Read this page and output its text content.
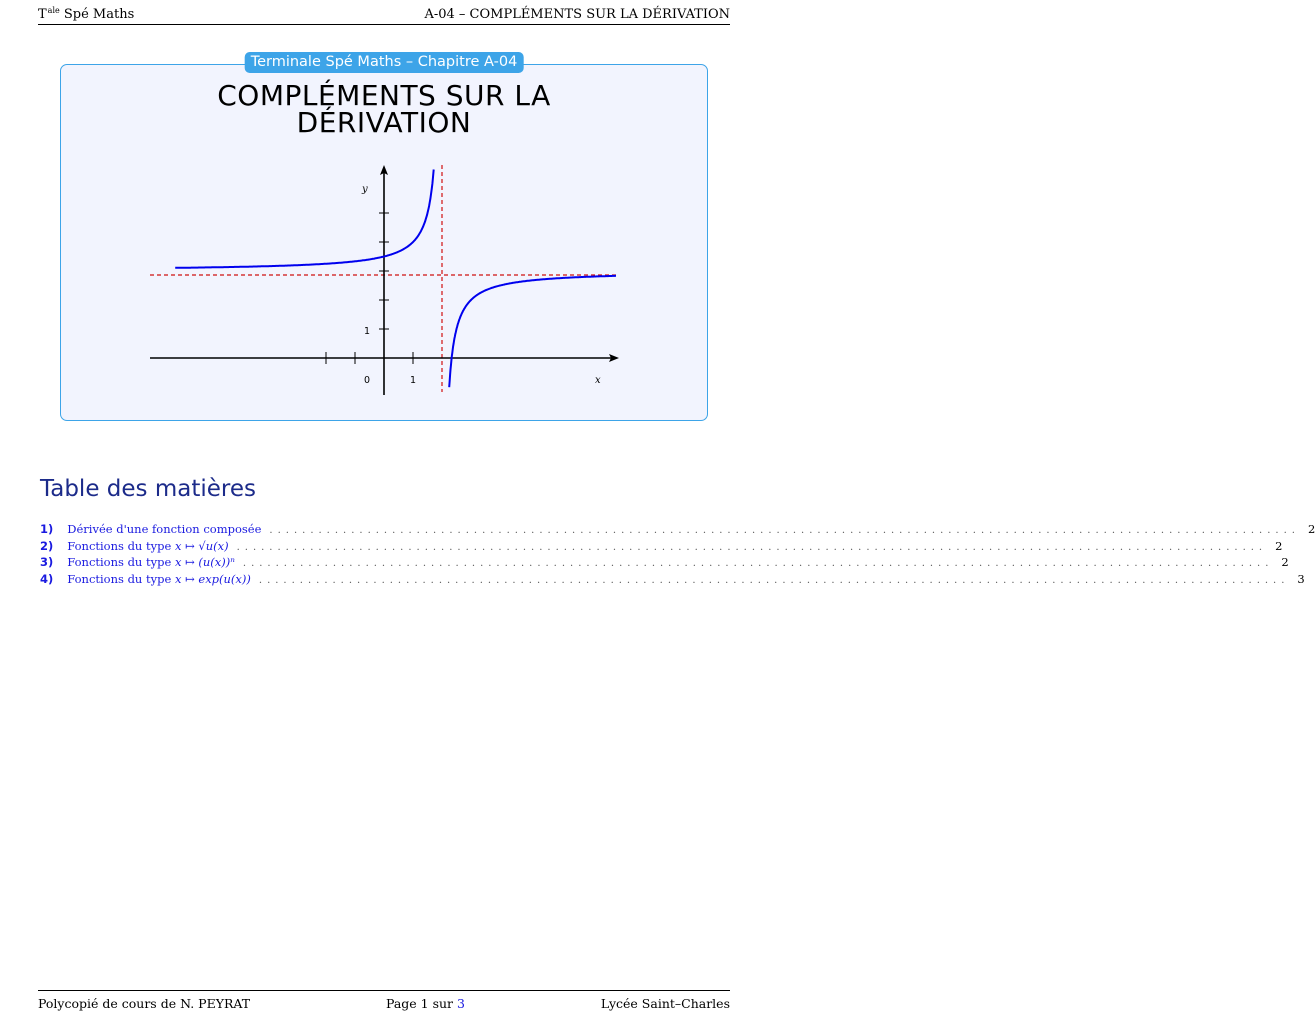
$T^{ale}$ Spé Maths	A-04 – COMPLÉMENTS SUR LA DÉRIVATION
Terminale Spé Maths – Chapitre A-04
COMPLÉMENTS SUR LA
DÉRIVATION
y
x
0	1
1
Table des matières
1)	Dérivée d'une fonction composée .............................................................................................................................. 2
2)	Fonctions du type x ↦ √u(x) .............................................................................................................................. 2
3)	Fonctions du type x ↦ (u(x))ⁿ .............................................................................................................................. 2
4)	Fonctions du type x ↦ exp(u(x)) .............................................................................................................................. 3
Polycopié de cours de N. PEYRAT	Page 1 sur 3	Lycée Saint–Charles
